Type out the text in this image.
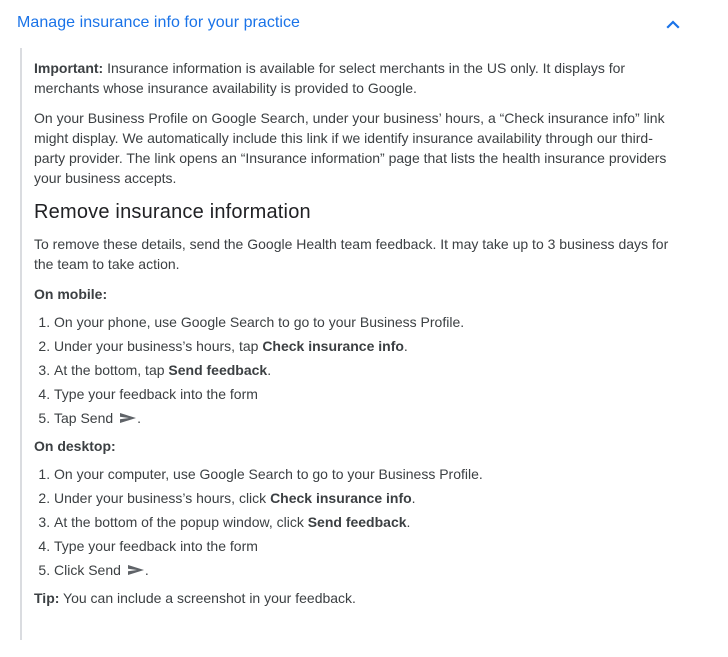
Manage insurance info for your practice

Important: Insurance information is available for select merchants in the US only. It displays for merchants whose insurance availability is provided to Google.

On your Business Profile on Google Search, under your business’ hours, a “Check insurance info” link might display. We automatically include this link if we identify insurance availability through our third-party provider. The link opens an “Insurance information” page that lists the health insurance providers your business accepts.

Remove insurance information

To remove these details, send the Google Health team feedback. It may take up to 3 business days for the team to take action.

On mobile:

1. On your phone, use Google Search to go to your Business Profile.
2. Under your business’s hours, tap Check insurance info.
3. At the bottom, tap Send feedback.
4. Type your feedback into the form
5. Tap Send .

On desktop:

1. On your computer, use Google Search to go to your Business Profile.
2. Under your business’s hours, click Check insurance info.
3. At the bottom of the popup window, click Send feedback.
4. Type your feedback into the form
5. Click Send .

Tip: You can include a screenshot in your feedback.
